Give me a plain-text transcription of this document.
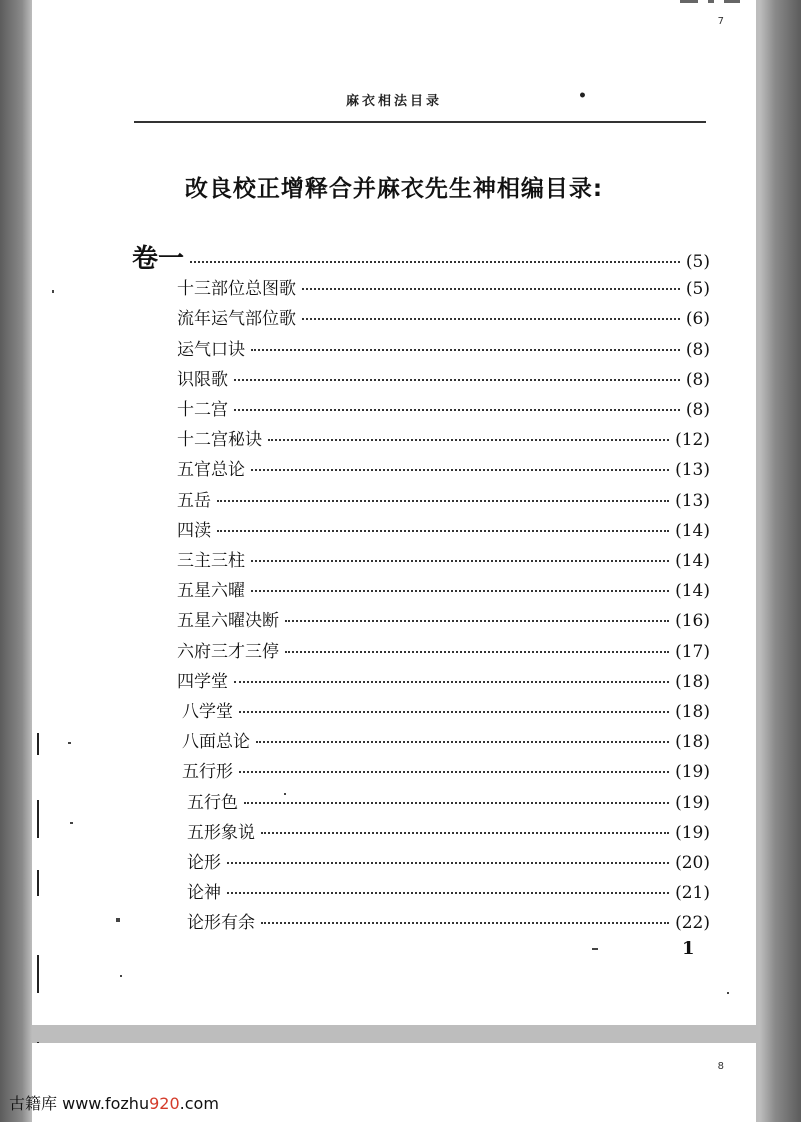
7
麻衣相法目录	•
改良校正增释合并麻衣先生神相编目录:
卷一	(5)
十三部位总图歌	(5)
流年运气部位歌	(6)
运气口诀	(8)
识限歌	(8)
十二宫	(8)
十二宫秘诀	(12)
五官总论	(13)
五岳	(13)
四渎	(14)
三主三柱	(14)
五星六曜	(14)
五星六曜决断	(16)
六府三才三停	(17)
四学堂	(18)
八学堂	(18)
八面总论	(18)
五行形	(19)
五行色	(19)
五形象说	(19)
论形	(20)
论神	(21)
论形有余	(22)
1
8
古籍库 www.fozhu920.com
